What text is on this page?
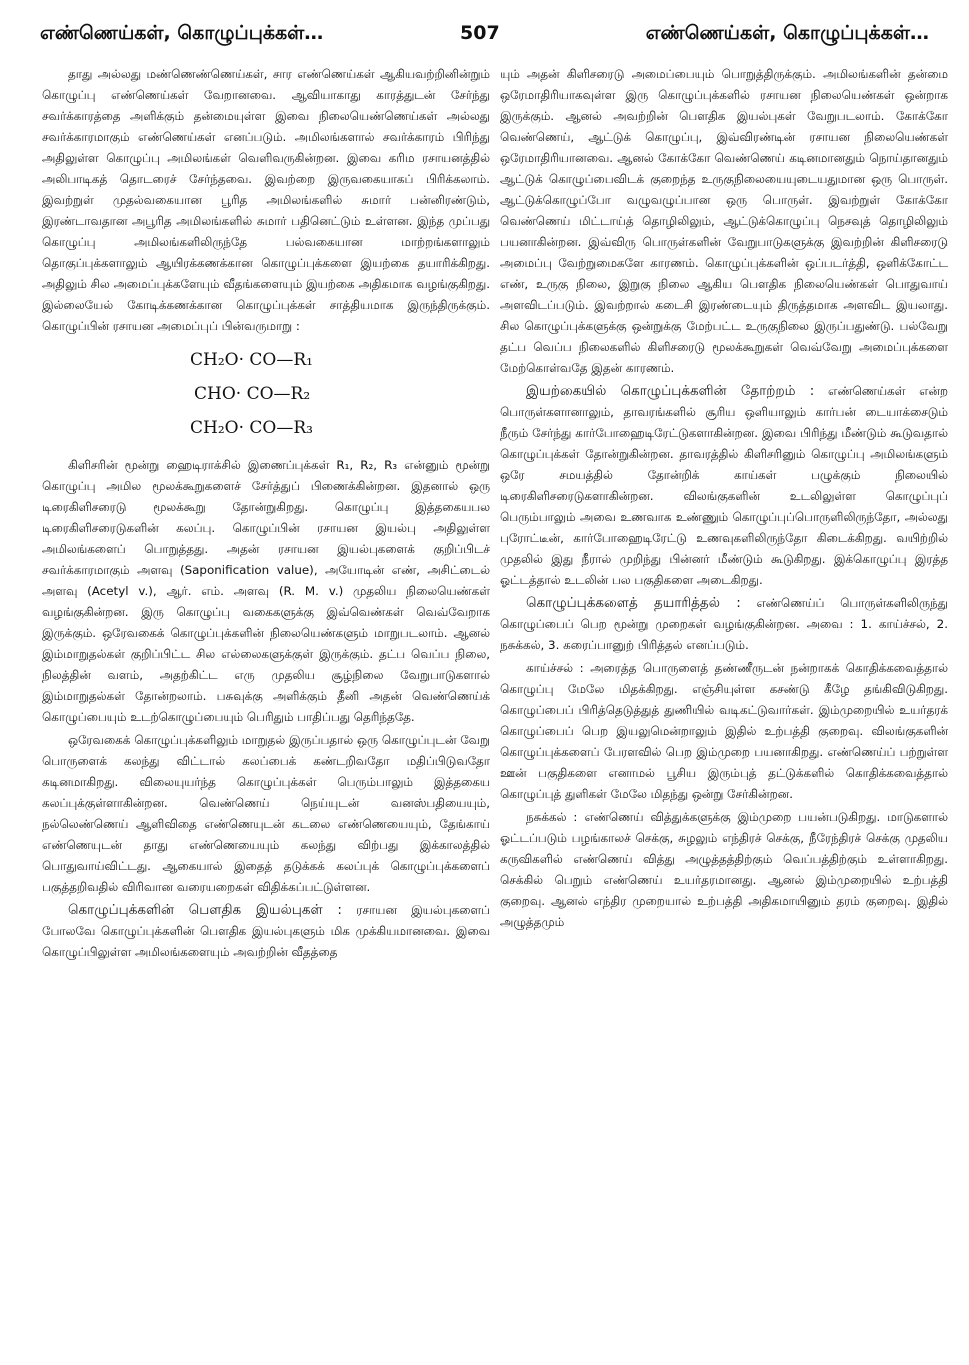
எண்ணெய்கள், கொழுப்புக்கள்…	507	எண்ணெய்கள், கொழுப்புக்கள்…

தாது அல்லது மண்ணெண்ணெய்கள், சார எண்ணெய்கள் ஆகியவற்றினின்றும் கொழுப்பு எண்ணெய்கள் வேறானவை. ஆவியாகாது காரத்துடன் சேர்ந்து சவர்க்காரத்தை அளிக்கும் தன்மையுள்ள இவை நிலையெண்ணெய்கள் அல்லது சவர்க்காரமாகும் எண்ணெய்கள் எனப்படும். அமிலங்களால் சவர்க்காரம் பிரிந்து அதிலுள்ள கொழுப்பு அமிலங்கள் வெளிவருகின்றன. இவை கரிம ரசாயனத்தில் அலிபாடிகத் தொடரைச் சேர்ந்தவை. இவற்றை இருவகையாகப் பிரிக்கலாம். இவற்றுள் முதல்வகையான பூரித அமிலங்களில் சுமார் பன்னிரண்டும், இரண்டாவதான அபூரித அமிலங்களில் சுமார் பதினெட்டும் உள்ளன. இந்த முப்பது கொழுப்பு அமிலங்களிலிருந்தே பல்வகையான மாற்றங்களாலும் தொகுப்புக்களாலும் ஆயிரக்கணக்கான கொழுப்புக்களை இயற்கை தயாரிக்கிறது. அதிலும் சில அமைப்புக்களேயும் வீதங்களையும் இயற்கை அதிகமாக வழங்குகிறது. இல்லையேல் கோடிக்கணக்கான கொழுப்புக்கள் சாத்தியமாக இருந்திருக்கும். கொழுப்பின் ரசாயன அமைப்புப் பின்வருமாறு :

CH₂O· CO—R₁
CHO· CO—R₂
CH₂O· CO—R₃

கிளிசரின் மூன்று ஹைடிராக்சில் இணைப்புக்கள் R₁, R₂, R₃ என்னும் மூன்று கொழுப்பு அமில மூலக்கூறுகளைச் சேர்த்துப் பிணைக்கின்றன. இதனால் ஒரு டிரைகிளிசரைடு மூலக்கூறு தோன்றுகிறது. கொழுப்பு இத்தகையபல டிரைகிளிசரைடுகளின் கலப்பு. கொழுப்பின் ரசாயன இயல்பு அதிலுள்ள அமிலங்களைப் பொறுத்தது. அதன் ரசாயன இயல்புகளைக் குறிப்பிடச் சவர்க்காரமாகும் அளவு (Saponification value), அயோடின் எண், அசிட்டைல் அளவு (Acetyl v.), ஆர். எம். அளவு (R. M. v.) முதலிய நிலையெண்கள் வழங்குகின்றன. இரு கொழுப்பு வகைகளுக்கு இவ்வெண்கள் வெவ்வேறாக இருக்கும். ஒரேவகைக் கொழுப்புக்களின் நிலையெண்களும் மாறுபடலாம். ஆனல் இம்மாறுதல்கள் குறிப்பிட்ட சில எல்லைகளுக்குள் இருக்கும். தட்ப வெப்ப நிலை, நிலத்தின் வளம், அதற்கிட்ட எரு முதலிய சூழ்நிலை வேறுபாடுகளால் இம்மாறுதல்கள் தோன்றலாம். பசுவுக்கு அளிக்கும் தீனி அதன் வெண்ணெய்க் கொழுப்பையும் உடற்கொழுப்பையும் பெரிதும் பாதிப்பது தெரிந்ததே.

ஒரேவகைக் கொழுப்புக்களிலும் மாறுதல் இருப்பதால் ஒரு கொழுப்புடன் வேறு பொருளைக் கலந்து விட்டால் கலப்பைக் கண்டறிவதோ மதிப்பிடுவதோ கடினமாகிறது. விலையுயர்ந்த கொழுப்புக்கள் பெரும்பாலும் இத்தகைய கலப்புக்குள்ளாகின்றன. வெண்ணெய் நெய்யுடன் வனஸ்பதியையும், நல்லெண்ணெய் ஆளிவிதை எண்ணெயுடன் கடலை எண்ணெயையும், தேங்காய் எண்ணெயுடன் தாது எண்ணெயையும் கலந்து விற்பது இக்காலத்தில் பொதுவாய்விட்டது. ஆகையால் இதைத் தடுக்கக் கலப்புக் கொழுப்புக்களைப் பகுத்தறிவதில் விரிவான வரையறைகள் விதிக்கப்பட்டுள்ளன.

கொழுப்புக்களின் பௌதிக இயல்புகள் : ரசாயன இயல்புகளைப் போலவே கொழுப்புக்களின் பௌதிக இயல்புகளும் மிக முக்கியமானவை. இவை கொழுப்பிலுள்ள அமிலங்களையும் அவற்றின் வீதத்தை

யும் அதன் கிளிசரைடு அமைப்பையும் பொறுத்திருக்கும். அமிலங்களின் தன்மை ஒரேமாதிரியாகவுள்ள இரு கொழுப்புக்களில் ரசாயன நிலையெண்கள் ஒன்றாக இருக்கும். ஆனல் அவற்றின் பௌதிக இயல்புகள் வேறுபடலாம். கோக்கோ வெண்ணெய், ஆட்டுக் கொழுப்பு, இவ்விரண்டின் ரசாயன நிலையெண்கள் ஒரேமாதிரியானவை. ஆனல் கோக்கோ வெண்ணெய் கடினமானதும் நொய்தானதும் ஆட்டுக் கொழுப்பைவிடக் குறைந்த உருகுநிலையையுடையதுமான ஒரு பொருள். ஆட்டுக்கொழுப்போ வழுவழுப்பான ஒரு பொருள். இவற்றுள் கோக்கோ வெண்ணெய் மிட்டாய்த் தொழிலிலும், ஆட்டுக்கொழுப்பு நெசவுத் தொழிலிலும் பயனாகின்றன. இவ்விரு பொருள்களின் வேறுபாடுகளுக்கு இவற்றின் கிளிசரைடு அமைப்பு வேற்றுமைகளே காரணம். கொழுப்புக்களின் ஒப்படர்த்தி, ஒளிக்கோட்ட எண், உருகு நிலை, இறுகு நிலை ஆகிய பௌதிக நிலையெண்கள் பொதுவாய் அளவிடப்படும். இவற்றால் கடைசி இரண்டையும் திருத்தமாக அளவிட இயலாது. சில கொழுப்புக்களுக்கு ஒன்றுக்கு மேற்பட்ட உருகுநிலை இருப்பதுண்டு. பல்வேறு தட்ப வெப்ப நிலைகளில் கிளிசரைடு மூலக்கூறுகள் வெவ்வேறு அமைப்புக்களை மேற்கொள்வதே இதன் காரணம்.

இயற்கையில் கொழுப்புக்களின் தோற்றம் : எண்ணெய்கள் என்ற பொருள்களானாலும், தாவரங்களில் சூரிய ஒளியாலும் கார்பன் டையாக்சைடும் நீரும் சேர்ந்து கார்போஹைடிரேட்டுகளாகின்றன. இவை பிரிந்து மீண்டும் கூடுவதால் கொழுப்புக்கள் தோன்றுகின்றன. தாவரத்தில் கிளிசரினும் கொழுப்பு அமிலங்களும் ஒரே சமயத்தில் தோன்றிக் காய்கள் பழுக்கும் நிலையில் டிரைகிளிசரைடுகளாகின்றன. விலங்குகளின் உடலிலுள்ள கொழுப்புப் பெரும்பாலும் அவை உணவாக உண்ணும் கொழுப்புப்பொருளிலிருந்தோ, அல்லது புரோட்டீன், கார்போஹைடிரேட்டு உணவுகளிலிருந்தோ கிடைக்கிறது. வயிற்றில் முதலில் இது நீரால் முறிந்து பின்னர் மீண்டும் கூடுகிறது. இக்கொழுப்பு இரத்த ஓட்டத்தால் உடலின் பல பகுதிகளை அடைகிறது.

கொழுப்புக்களைத் தயாரித்தல் : எண்ணெய்ப் பொருள்களிலிருந்து கொழுப்பைப் பெற மூன்று முறைகள் வழங்குகின்றன. அவை : 1. காய்ச்சல், 2. நசுக்கல், 3. கரைப்பானுற் பிரித்தல் எனப்படும்.

காய்ச்சல் : அரைத்த பொருளைத் தண்ணீருடன் நன்றாகக் கொதிக்கவைத்தால் கொழுப்பு மேலே மிதக்கிறது. எஞ்சியுள்ள கசண்டு கீழே தங்கிவிடுகிறது. கொழுப்பைப் பிரித்தெடுத்துத் துணியில் வடிகட்டுவார்கள். இம்முறையில் உயர்தரக் கொழுப்பைப் பெற இயலுமென்றாலும் இதில் உற்பத்தி குறைவு. விலங்குகளின் கொழுப்புக்களைப் பேரளவில் பெற இம்முறை பயனாகிறது. எண்ணெய்ப் பற்றுள்ள ஊன் பகுதிகளை எனாமல் பூசிய இரும்புத் தட்டுக்களில் கொதிக்கவைத்தால் கொழுப்புத் துளிகள் மேலே மிதந்து ஒன்று சேர்கின்றன.

நசுக்கல் : எண்ணெய் வித்துக்களுக்கு இம்முறை பயன்படுகிறது. மாடுகளால் ஓட்டப்படும் பழங்காலச் செக்கு, சுழலும் எந்திரச் செக்கு, நீரேந்திரச் செக்கு முதலிய கருவிகளில் எண்ணெய் வித்து அழுத்தத்திற்கும் வெப்பத்திற்கும் உள்ளாகிறது. செக்கில் பெறும் எண்ணெய் உயர்தரமானது. ஆனல் இம்முறையில் உற்பத்தி குறைவு. ஆனல் எந்திர முறையால் உற்பத்தி அதிகமாயினும் தரம் குறைவு. இதில் அழுத்தமும்
